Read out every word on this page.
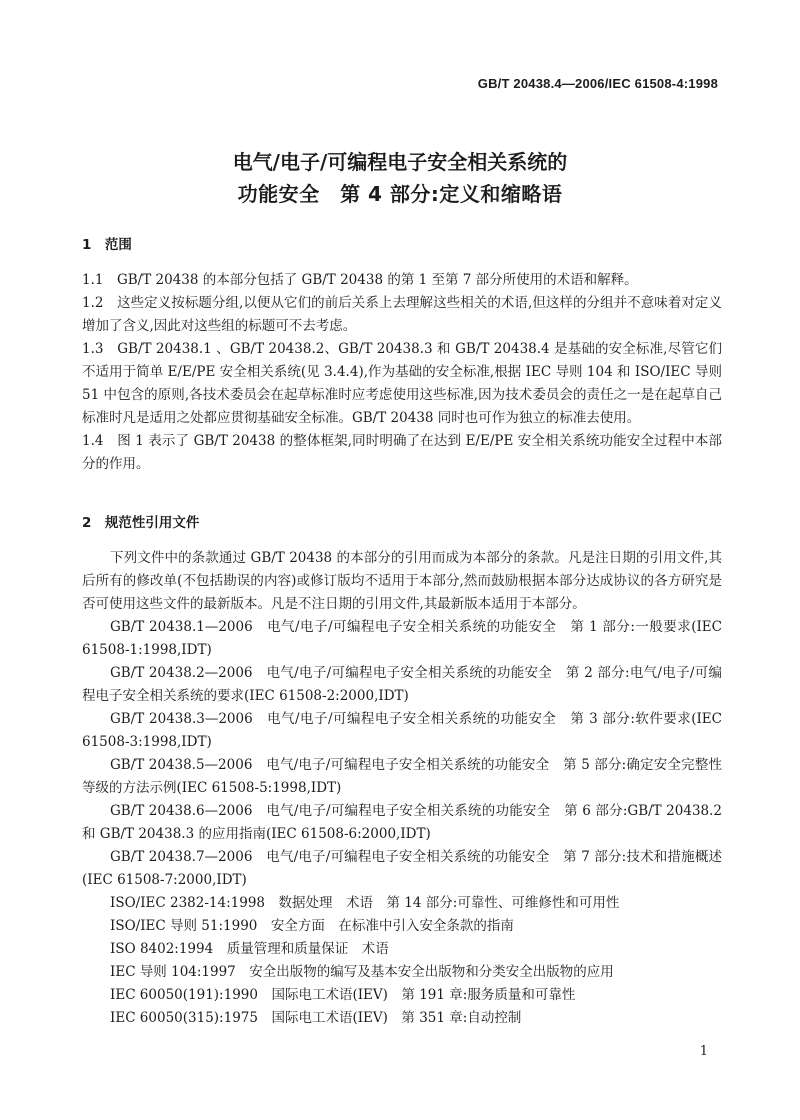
GB/T 20438.4—2006/IEC 61508-4:1998
bzxz
电气/电子/可编程电子安全相关系统的
功能安全　第 4 部分:定义和缩略语

1　范围

1.1　GB/T 20438 的本部分包括了 GB/T 20438 的第 1 至第 7 部分所使用的术语和解释。

1.2　这些定义按标题分组,以便从它们的前后关系上去理解这些相关的术语,但这样的分组并不意味着对定义增加了含义,因此对这些组的标题可不去考虑。

1.3　GB/T 20438.1 、GB/T 20438.2、GB/T 20438.3 和 GB/T 20438.4 是基础的安全标准,尽管它们不适用于简单 E/E/PE 安全相关系统(见 3.4.4),作为基础的安全标准,根据 IEC 导则 104 和 ISO/IEC 导则 51 中包含的原则,各技术委员会在起草标准时应考虑使用这些标准,因为技术委员会的责任之一是在起草自己标准时凡是适用之处都应贯彻基础安全标准。GB/T 20438 同时也可作为独立的标准去使用。

1.4　图 1 表示了 GB/T 20438 的整体框架,同时明确了在达到 E/E/PE 安全相关系统功能安全过程中本部分的作用。

2　规范性引用文件

下列文件中的条款通过 GB/T 20438 的本部分的引用而成为本部分的条款。凡是注日期的引用文件,其后所有的修改单(不包括勘误的内容)或修订版均不适用于本部分,然而鼓励根据本部分达成协议的各方研究是否可使用这些文件的最新版本。凡是不注日期的引用文件,其最新版本适用于本部分。

GB/T 20438.1—2006　电气/电子/可编程电子安全相关系统的功能安全　第 1 部分:一般要求(IEC 61508-1:1998,IDT)

GB/T 20438.2—2006　电气/电子/可编程电子安全相关系统的功能安全　第 2 部分:电气/电子/可编程电子安全相关系统的要求(IEC 61508-2:2000,IDT)

GB/T 20438.3—2006　电气/电子/可编程电子安全相关系统的功能安全　第 3 部分:软件要求(IEC 61508-3:1998,IDT)

GB/T 20438.5—2006　电气/电子/可编程电子安全相关系统的功能安全　第 5 部分:确定安全完整性等级的方法示例(IEC 61508-5:1998,IDT)

GB/T 20438.6—2006　电气/电子/可编程电子安全相关系统的功能安全　第 6 部分:GB/T 20438.2和 GB/T 20438.3 的应用指南(IEC 61508-6:2000,IDT)

GB/T 20438.7—2006　电气/电子/可编程电子安全相关系统的功能安全　第 7 部分:技术和措施概述(IEC 61508-7:2000,IDT)

ISO/IEC 2382-14:1998　数据处理　术语　第 14 部分:可靠性、可维修性和可用性

ISO/IEC 导则 51:1990　安全方面　在标准中引入安全条款的指南

ISO 8402:1994　质量管理和质量保证　术语

IEC 导则 104:1997　安全出版物的编写及基本安全出版物和分类安全出版物的应用

IEC 60050(191):1990　国际电工术语(IEV)　第 191 章:服务质量和可靠性

IEC 60050(315):1975　国际电工术语(IEV)　第 351 章:自动控制

1
